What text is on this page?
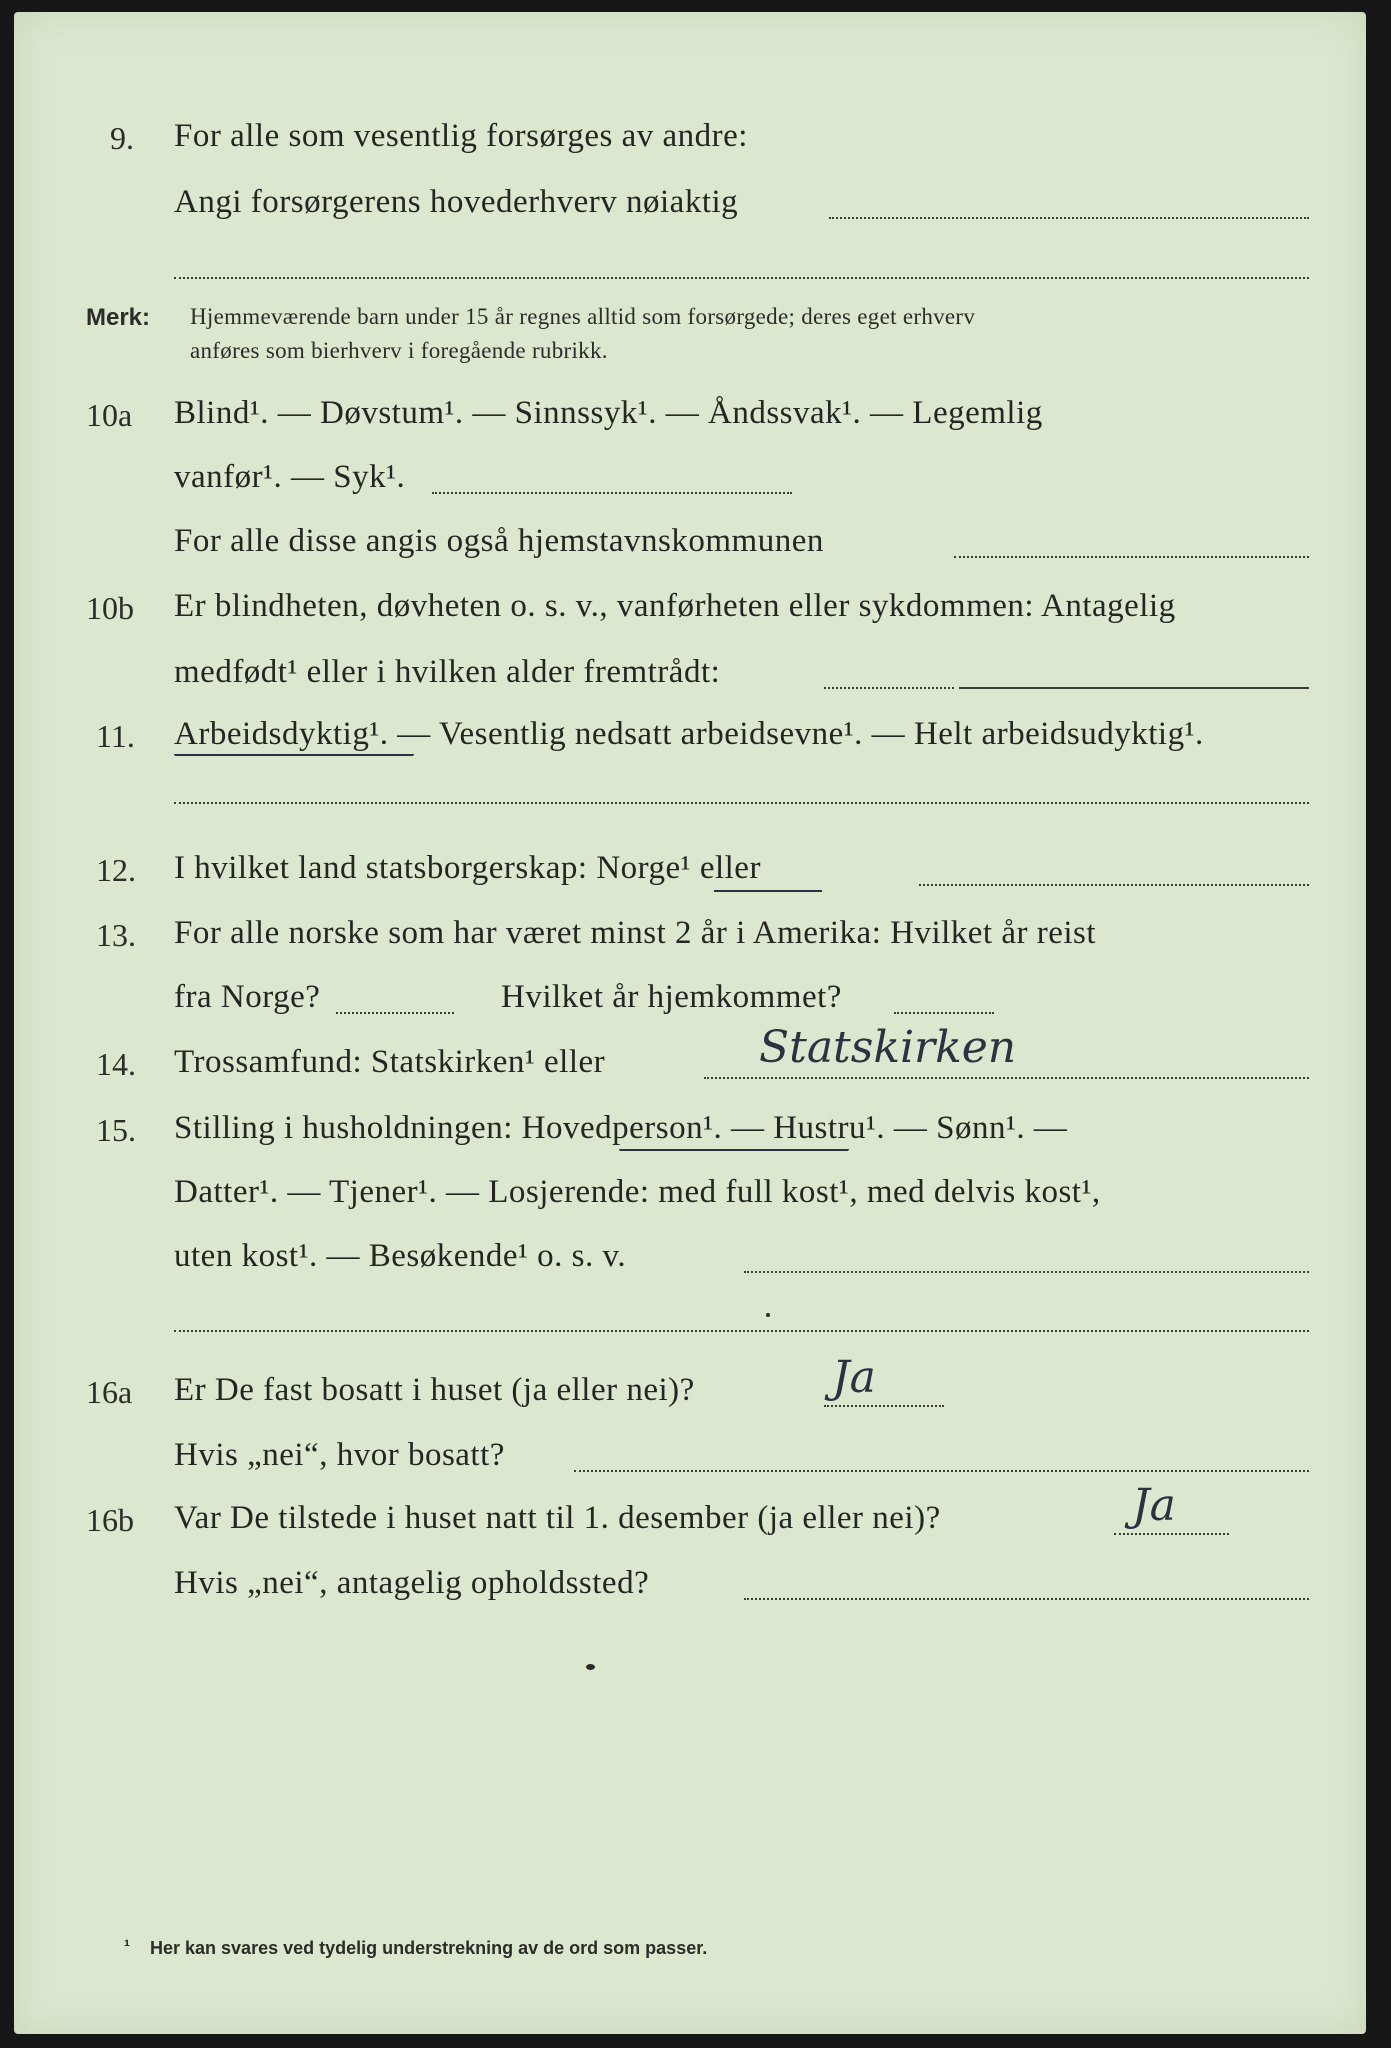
9. For alle som vesentlig forsørges av andre:
Angi forsørgerens hovederhverv nøiaktig
Merk: Hjemmeværende barn under 15 år regnes alltid som forsørgede; deres eget erhverv
anføres som bierhverv i foregående rubrikk.
10a Blind¹. — Døvstum¹. — Sinnssyk¹. — Åndssvak¹. — Legemlig
vanfør¹. — Syk¹.
For alle disse angis også hjemstavnskommunen
10b Er blindheten, døvheten o. s. v., vanførheten eller sykdommen: Antagelig
medfødt¹ eller i hvilken alder fremtrådt:
11. Arbeidsdyktig¹. — Vesentlig nedsatt arbeidsevne¹. — Helt arbeidsudyktig¹.
12. I hvilket land statsborgerskap: Norge¹ eller
13. For alle norske som har været minst 2 år i Amerika: Hvilket år reist
fra Norge?	Hvilket år hjemkommet?
14. Trossamfund: Statskirken¹ eller	Statskirken
15. Stilling i husholdningen: Hovedperson¹. — Hustru¹. — Sønn¹. —
Datter¹. — Tjener¹. — Losjerende: med full kost¹, med delvis kost¹,
uten kost¹. — Besøkende¹ o. s. v.
16a Er De fast bosatt i huset (ja eller nei)?	Ja
Hvis „nei“, hvor bosatt?
16b Var De tilstede i huset natt til 1. desember (ja eller nei)?	Ja
Hvis „nei“, antagelig opholdssted?
¹ Her kan svares ved tydelig understrekning av de ord som passer.
